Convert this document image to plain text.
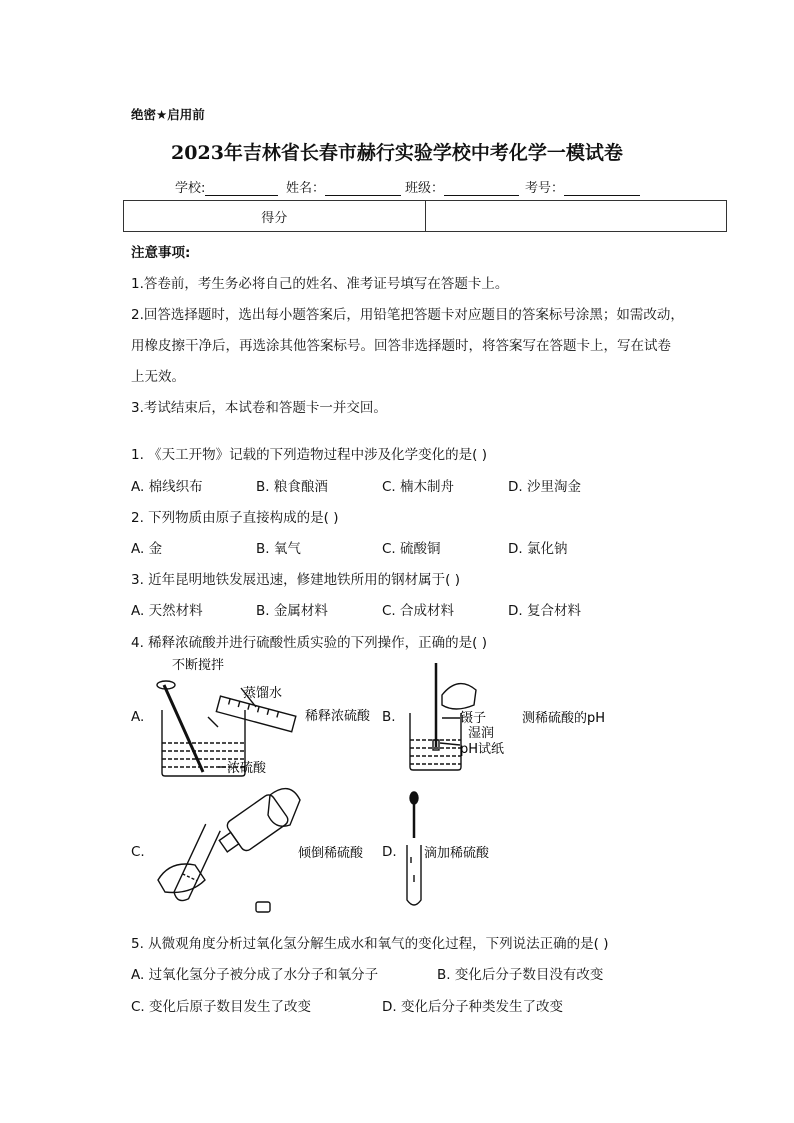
绝密★启用前
2023年吉林省长春市赫行实验学校中考化学一模试卷
学校:	姓名：	班级：	考号：
得分	
注意事项:
1.答卷前，考生务必将自己的姓名、准考证号填写在答题卡上。
2.回答选择题时，选出每小题答案后，用铅笔把答题卡对应题目的答案标号涂黑；如需改动，
用橡皮擦干净后，再选涂其他答案标号。回答非选择题时，将答案写在答题卡上，写在试卷
上无效。
3.考试结束后，本试卷和答题卡一并交回。
1. 《天工开物》记载的下列造物过程中涉及化学变化的是( )
A. 棉线织布	B. 粮食酿酒	C. 楠木制舟	D. 沙里淘金
2. 下列物质由原子直接构成的是( )
A. 金	B. 氧气	C. 硫酸铜	D. 氯化钠
3. 近年昆明地铁发展迅速，修建地铁所用的钢材属于( )
A. 天然材料	B. 金属材料	C. 合成材料	D. 复合材料
4. 稀释浓硫酸并进行硫酸性质实验的下列操作，正确的是( )
A.
不断搅拌
蒸馏水
稀释浓硫酸
浓硫酸
B.	镊子
湿润
pH试纸
测稀硫酸的pH
C.	倾倒稀硫酸 D. 滴加稀硫酸
5. 从微观角度分析过氧化氢分解生成水和氧气的变化过程，下列说法正确的是( )
A. 过氧化氢分子被分成了水分子和氧分子	B. 变化后分子数目没有改变
C. 变化后原子数目发生了改变	D. 变化后分子种类发生了改变
